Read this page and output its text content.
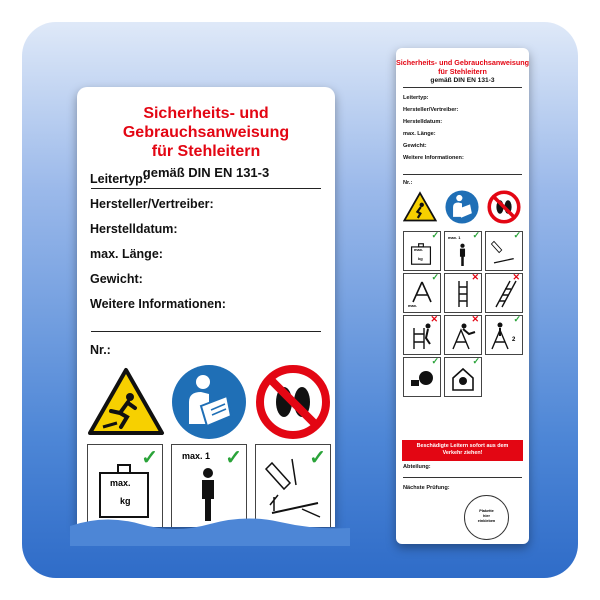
Sicherheits- und Gebrauchsanweisung
für Stehleitern
gemäß DIN EN 131-3
Leitertyp:
Hersteller/Vertreiber:
Herstelldatum:
max. Länge:
Gewicht:
Weitere Informationen:
Nr.:
✓
max.
kg
✓
max. 1	✓
Sicherheits- und Gebrauchsanweisung
für Stehleitern
gemäß DIN EN 131-3
Leitertyp:
Hersteller/Vertreiber:
Herstelldatum:
max. Länge:
Gewicht:
Weitere Informationen:
Nr.:
✓
max.
kg
✓
max. 1	✓
✓
max.
✕	✕
✕	✕	✓
2
✓	✓
Beschädigte Leitern sofort aus dem
Verkehr ziehen!
Abteilung:
Nächste Prüfung:
Plakette
hier
einkleben
